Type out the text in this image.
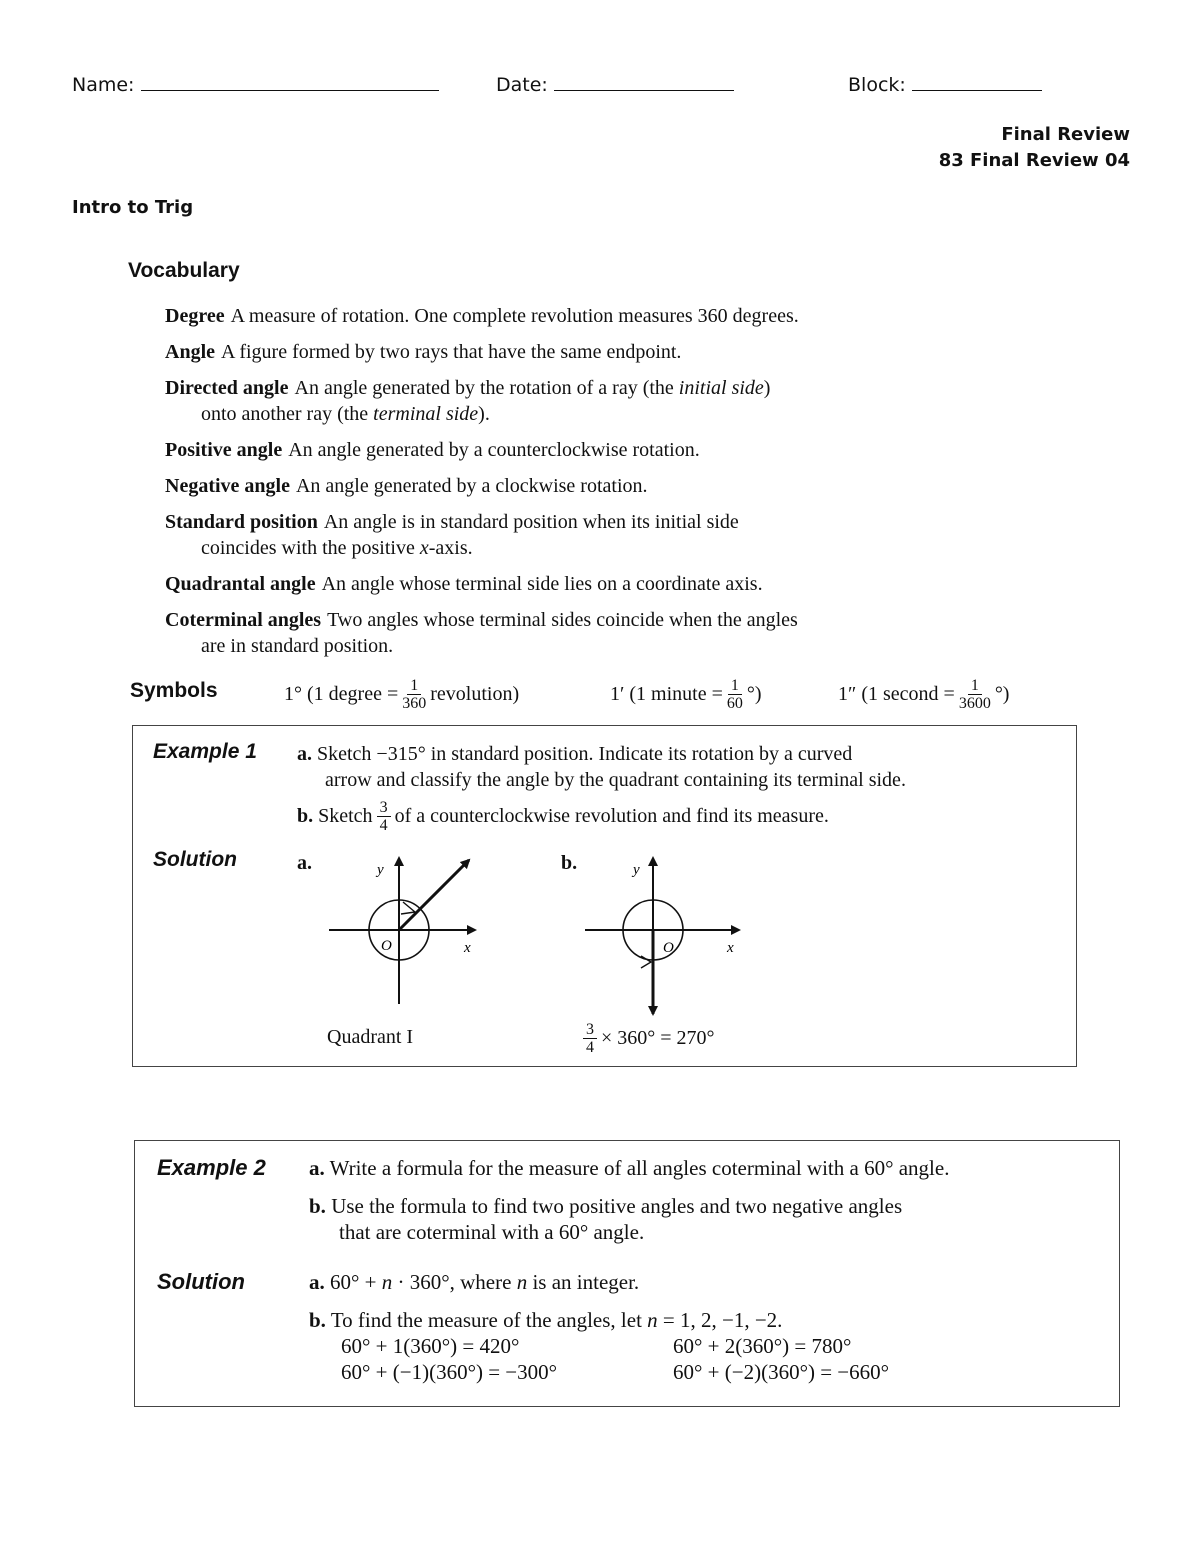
Name:	Date:	Block:
Final Review
83 Final Review 04
Intro to Trig
Vocabulary
Degree A measure of rotation. One complete revolution measures 360 degrees.
Angle A figure formed by two rays that have the same endpoint.
Directed angle An angle generated by the rotation of a ray (the initial side)
onto another ray (the terminal side).
Positive angle An angle generated by a counterclockwise rotation.
Negative angle An angle generated by a clockwise rotation.
Standard position An angle is in standard position when its initial side
coincides with the positive x-axis.
Quadrantal angle An angle whose terminal side lies on a coordinate axis.
Coterminal angles Two angles whose terminal sides coincide when the angles
are in standard position.
Symbols	1° (1 degree = $\frac{1}{360}$ revolution)	1′ (1 minute = $\frac{1}{60}$ °)	1″ (1 second = $\frac{1}{3600}$ °)
Example 1 a. Sketch −315° in standard position. Indicate its rotation by a curved
arrow and classify the angle by the quadrant containing its terminal side.
b.
Sketch $\frac{3}{4}$ of a counterclockwise revolution and find its measure.
Solution	a.	b.
y
x
O
Quadrant I
y
x
O
$\frac{3}{4} \times 360^\circ = 270^\circ$
Example 2 a. Write a formula for the measure of all angles coterminal with a 60° angle.
b. Use the formula to find two positive angles and two negative angles
that are coterminal with a 60° angle.
Solution	a. 60° + n · 360°, where n is an integer.
b. To find the measure of the angles, let n = 1, 2, −1, −2.
60° + 1(360°) = 420°	60° + 2(360°) = 780°
60° + (−1)(360°) = −300°	60° + (−2)(360°) = −660°
